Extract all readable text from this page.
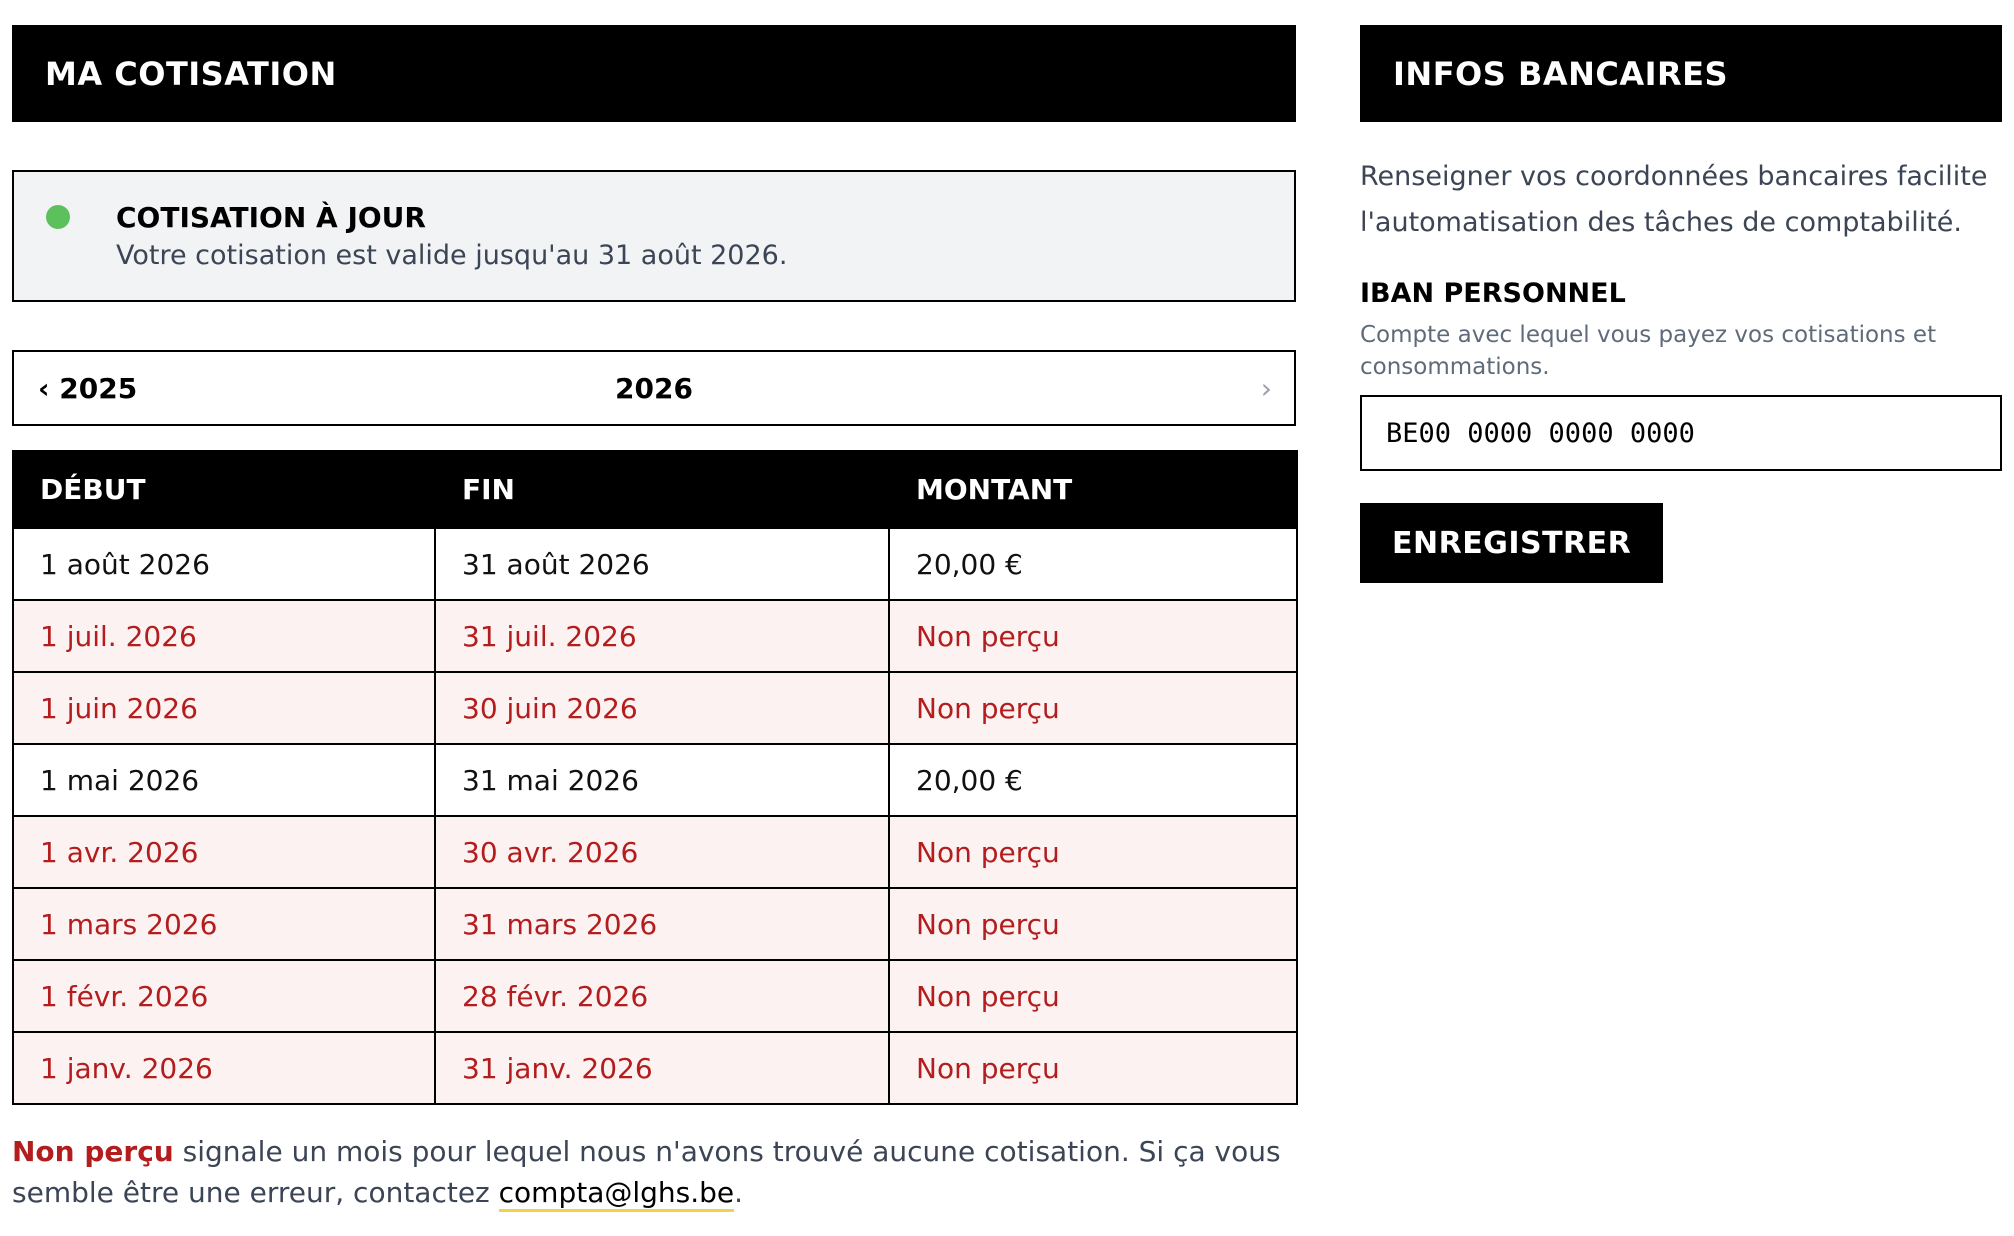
MA COTISATION
COTISATION À JOUR
Votre cotisation est valide jusqu'au 31 août 2026.
2026
‹ 2025	›
DÉBUT	FIN	MONTANT
1 août 2026	31 août 2026	20,00 €
1 juil. 2026	31 juil. 2026	Non perçu
1 juin 2026	30 juin 2026	Non perçu
1 mai 2026	31 mai 2026	20,00 €
1 avr. 2026	30 avr. 2026	Non perçu
1 mars 2026	31 mars 2026	Non perçu
1 févr. 2026	28 févr. 2026	Non perçu
1 janv. 2026	31 janv. 2026	Non perçu
Non perçu signale un mois pour lequel nous n'avons trouvé aucune cotisation. Si ça vous semble être une erreur, contactez compta@lghs.be.
INFOS BANCAIRES
Renseigner vos coordonnées bancaires facilite l'automatisation des tâches de comptabilité.
IBAN PERSONNEL
Compte avec lequel vous payez vos cotisations et consommations.
BE00 0000 0000 0000
ENREGISTRER
